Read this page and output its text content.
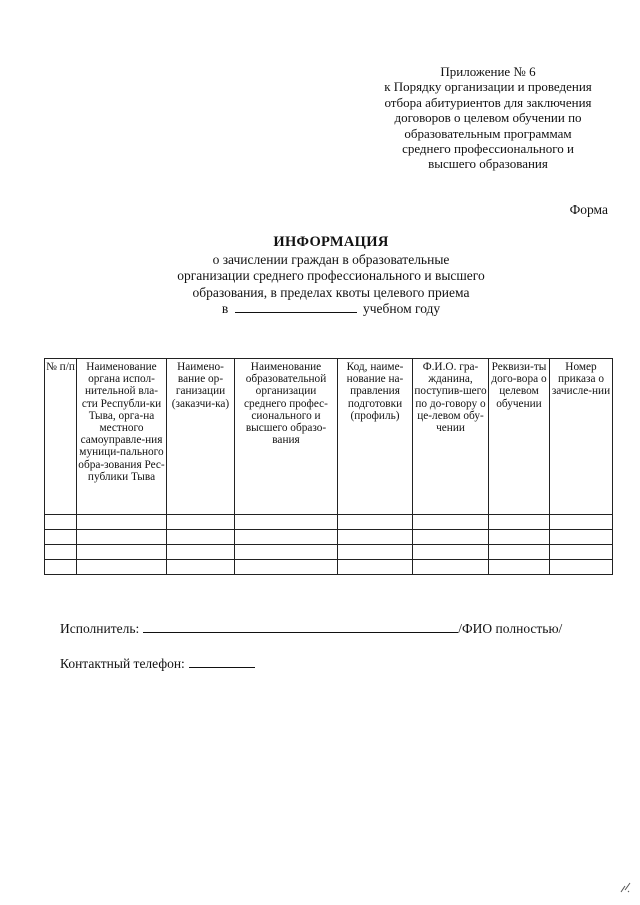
Приложение № 6
к Порядку организации и проведения
отбора абитуриентов для заключения
договоров о целевом обучении по
образовательным программам
среднего профессионального и
высшего образования
Форма
ИНФОРМАЦИЯ
о зачислении граждан в образовательные
организации среднего профессионального и высшего
образования, в пределах квоты целевого приема
в	учебном году
№ п/п	Наименование органа испол-нительной вла-сти Республи-ки Тыва, орга-на местного самоуправле-ния муници-пального обра-зования Рес-публики Тыва	Наимено-вание ор-ганизации (заказчи-ка)	Наименование образовательной организации среднего профес-сионального и высшего образо-вания	Код, наиме-нование на-правления подготовки (профиль)	Ф.И.О. гра-жданина, поступив-шего по до-говору о це-левом обу-чении	Реквизи-ты дого-вора о целевом обучении	Номер приказа о зачисле-нии

Исполнитель:	/ФИО полностью/
Контактный телефон:
